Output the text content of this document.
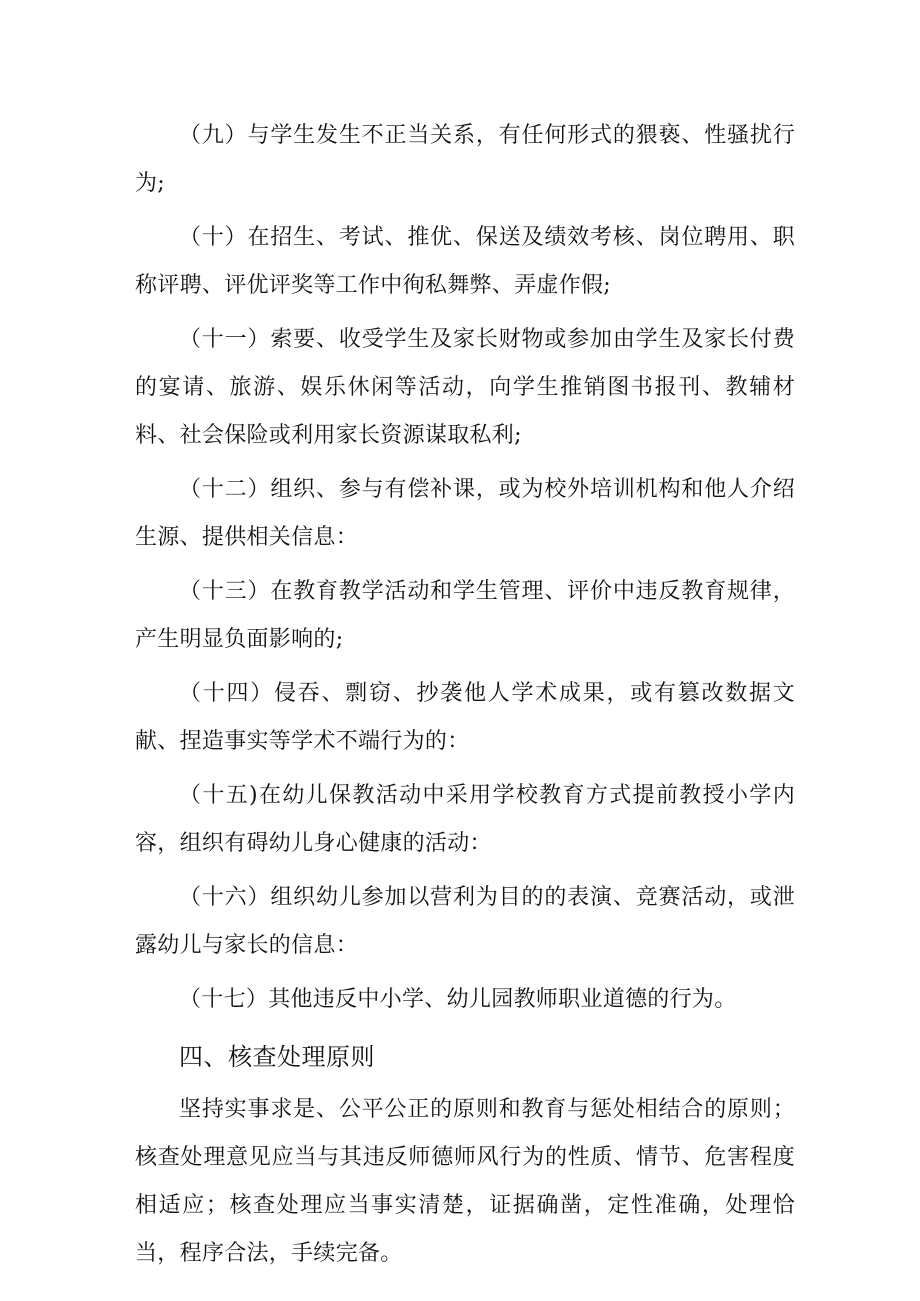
（九）与学生发生不正当关系，有任何形式的猥亵、性骚扰行为;

（十）在招生、考试、推优、保送及绩效考核、岗位聘用、职称评聘、评优评奖等工作中徇私舞弊、弄虚作假;

（十一）索要、收受学生及家长财物或参加由学生及家长付费的宴请、旅游、娱乐休闲等活动，向学生推销图书报刊、教辅材料、社会保险或利用家长资源谋取私利;

（十二）组织、参与有偿补课，或为校外培训机构和他人介绍生源、提供相关信息：

（十三）在教育教学活动和学生管理、评价中违反教育规律，产生明显负面影响的;

（十四）侵吞、剽窃、抄袭他人学术成果，或有篡改数据文献、捏造事实等学术不端行为的：

（十五)在幼儿保教活动中采用学校教育方式提前教授小学内容，组织有碍幼儿身心健康的活动：

（十六）组织幼儿参加以营利为目的的表演、竞赛活动，或泄露幼儿与家长的信息：

（十七）其他违反中小学、幼儿园教师职业道德的行为。

四、核查处理原则

坚持实事求是、公平公正的原则和教育与惩处相结合的原则；核查处理意见应当与其违反师德师风行为的性质、情节、危害程度相适应；核查处理应当事实清楚，证据确凿，定性准确，处理恰当，程序合法，手续完备。
